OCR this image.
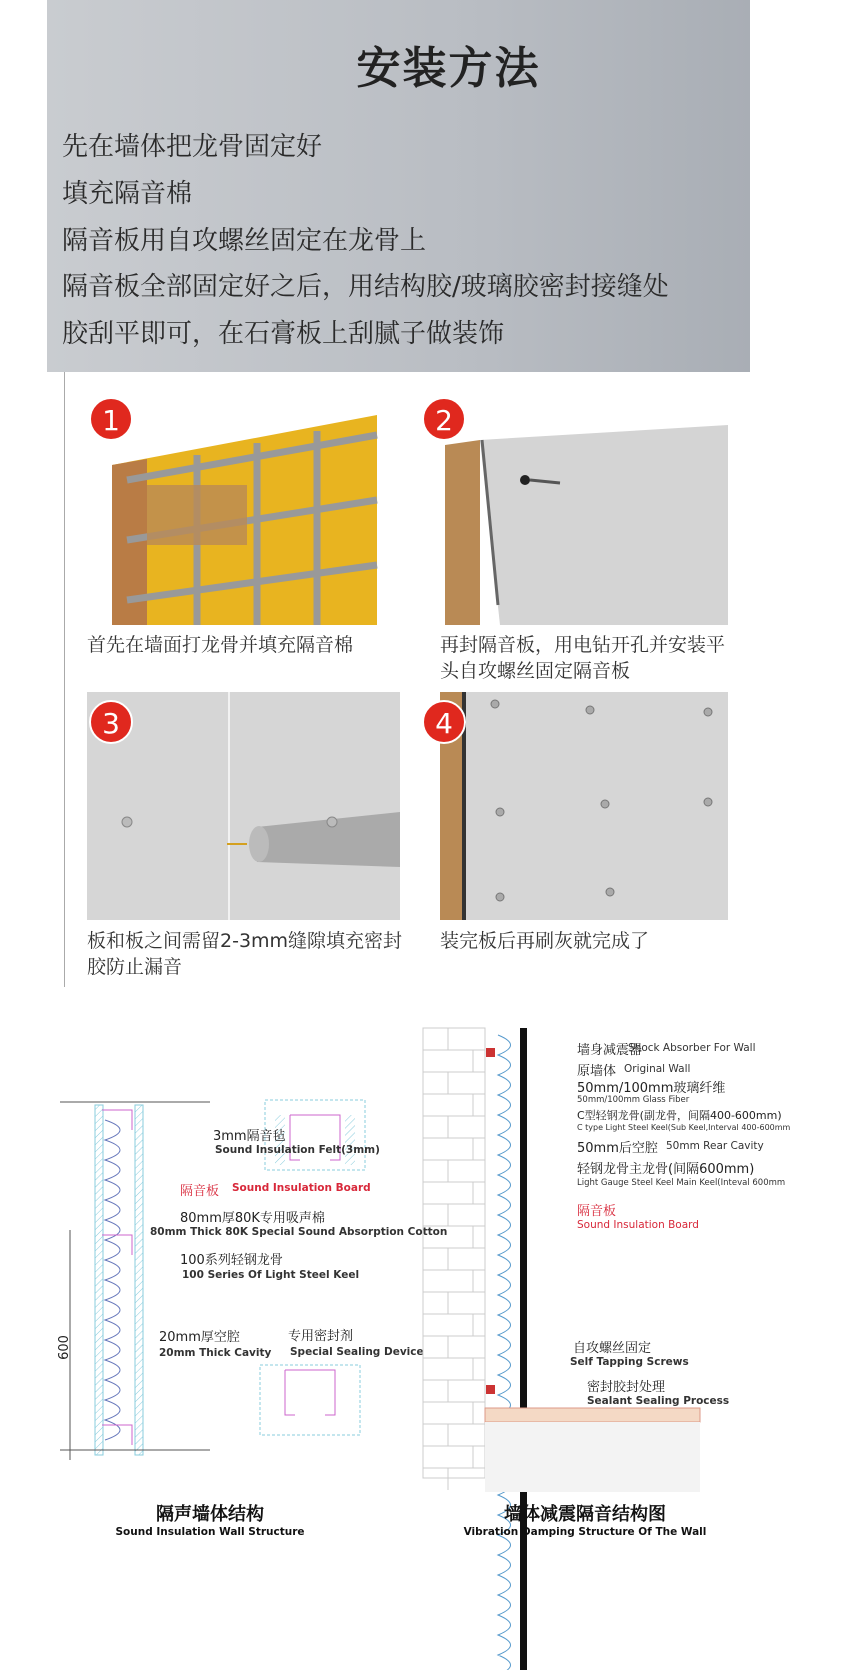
安装方法
先在墙体把龙骨固定好
填充隔音棉
隔音板用自攻螺丝固定在龙骨上
隔音板全部固定好之后，用结构胶/玻璃胶密封接缝处
胶刮平即可，在石膏板上刮腻子做装饰
1
首先在墙面打龙骨并填充隔音棉
2
再封隔音板，用电钻开孔并安装平头自攻螺丝固定隔音板
3
板和板之间需留2-3mm缝隙填充密封胶防止漏音
4
装完板后再刷灰就完成了
600
3mm隔音毡
Sound Insulation Felt(3mm)
隔音板 Sound Insulation Board
80mm厚80K专用吸声棉
80mm Thick 80K Special Sound Absorption Cotton
100系列轻钢龙骨
100 Series Of Light Steel Keel
20mm厚空腔
20mm Thick Cavity
专用密封剂
Special Sealing Device
隔声墙体结构
Sound Insulation Wall Structure
墙身减震器
Shock Absorber For Wall
原墙体 Original Wall
50mm/100mm玻璃纤维
50mm/100mm Glass Fiber
C型轻钢龙骨(副龙骨，间隔400-600mm)
C type Light Steel Keel(Sub Keel,Interval 400-600mm
50mm后空腔 50mm Rear Cavity
轻钢龙骨主龙骨(间隔600mm)
Light Gauge Steel Keel Main Keel(Inteval 600mm
隔音板
Sound Insulation Board
自攻螺丝固定
Self Tapping Screws
密封胶封处理
Sealant Sealing Process
墙体减震隔音结构图
Vibration Damping Structure Of The Wall
